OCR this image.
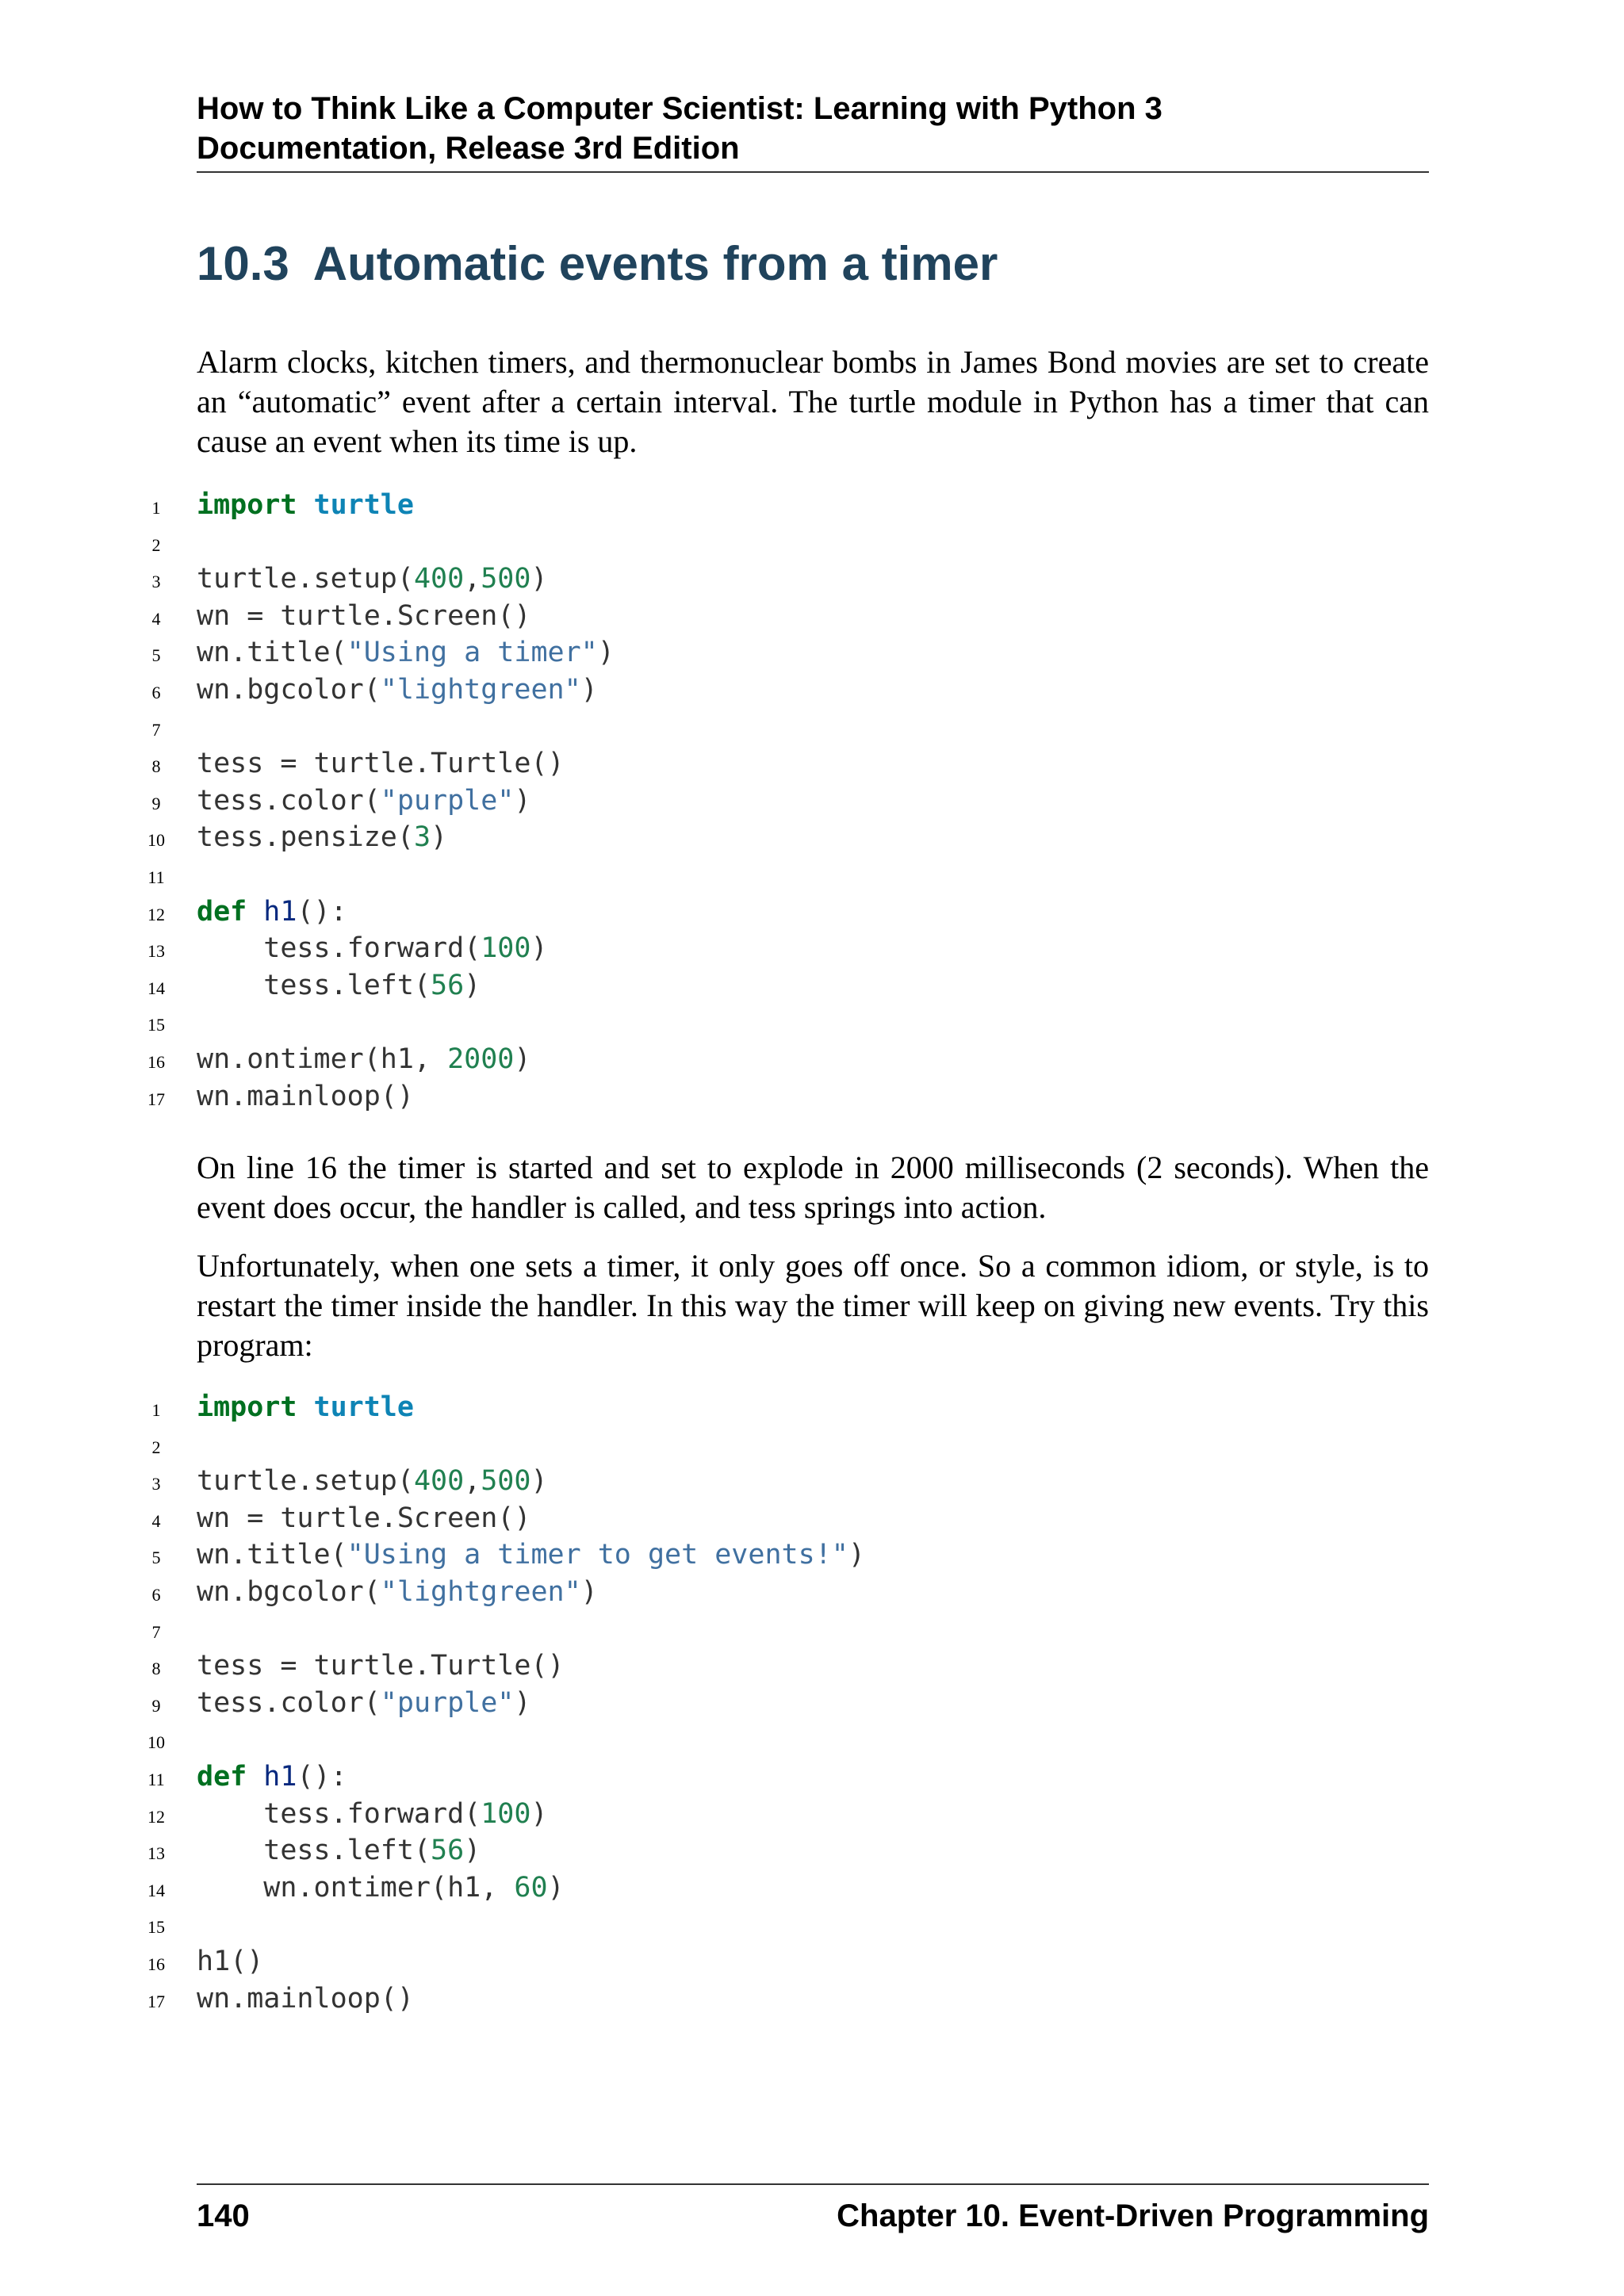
How to Think Like a Computer Scientist: Learning with Python 3
Documentation, Release 3rd Edition
10.3 Automatic events from a timer

Alarm clocks, kitchen timers, and thermonuclear bombs in James Bond movies are set to create an “automatic” event after a certain interval. The turtle module in Python has a timer that can cause an event when its time is up.

1	import turtle
2
3	turtle.setup(400,500)
4	wn = turtle.Screen()
5	wn.title("Using a timer")
6	wn.bgcolor("lightgreen")
7
8	tess = turtle.Turtle()
9	tess.color("purple")
10 tess.pensize(3)
11
12 def h1():
13 tess.forward(100)
14 tess.left(56)
15
16 wn.ontimer(h1, 2000)
17 wn.mainloop()

On line 16 the timer is started and set to explode in 2000 milliseconds (2 seconds). When the event does occur, the handler is called, and tess springs into action.

Unfortunately, when one sets a timer, it only goes off once. So a common idiom, or style, is to restart the timer inside the handler. In this way the timer will keep on giving new events. Try this program:

1	import turtle
2
3	turtle.setup(400,500)
4	wn = turtle.Screen()
5	wn.title("Using a timer to get events!")
6	wn.bgcolor("lightgreen")
7
8	tess = turtle.Turtle()
9	tess.color("purple")
10
11 def h1():
12 tess.forward(100)
13 tess.left(56)
14 wn.ontimer(h1, 60)
15
16 h1()
17 wn.mainloop()
140	Chapter 10. Event-Driven Programming
